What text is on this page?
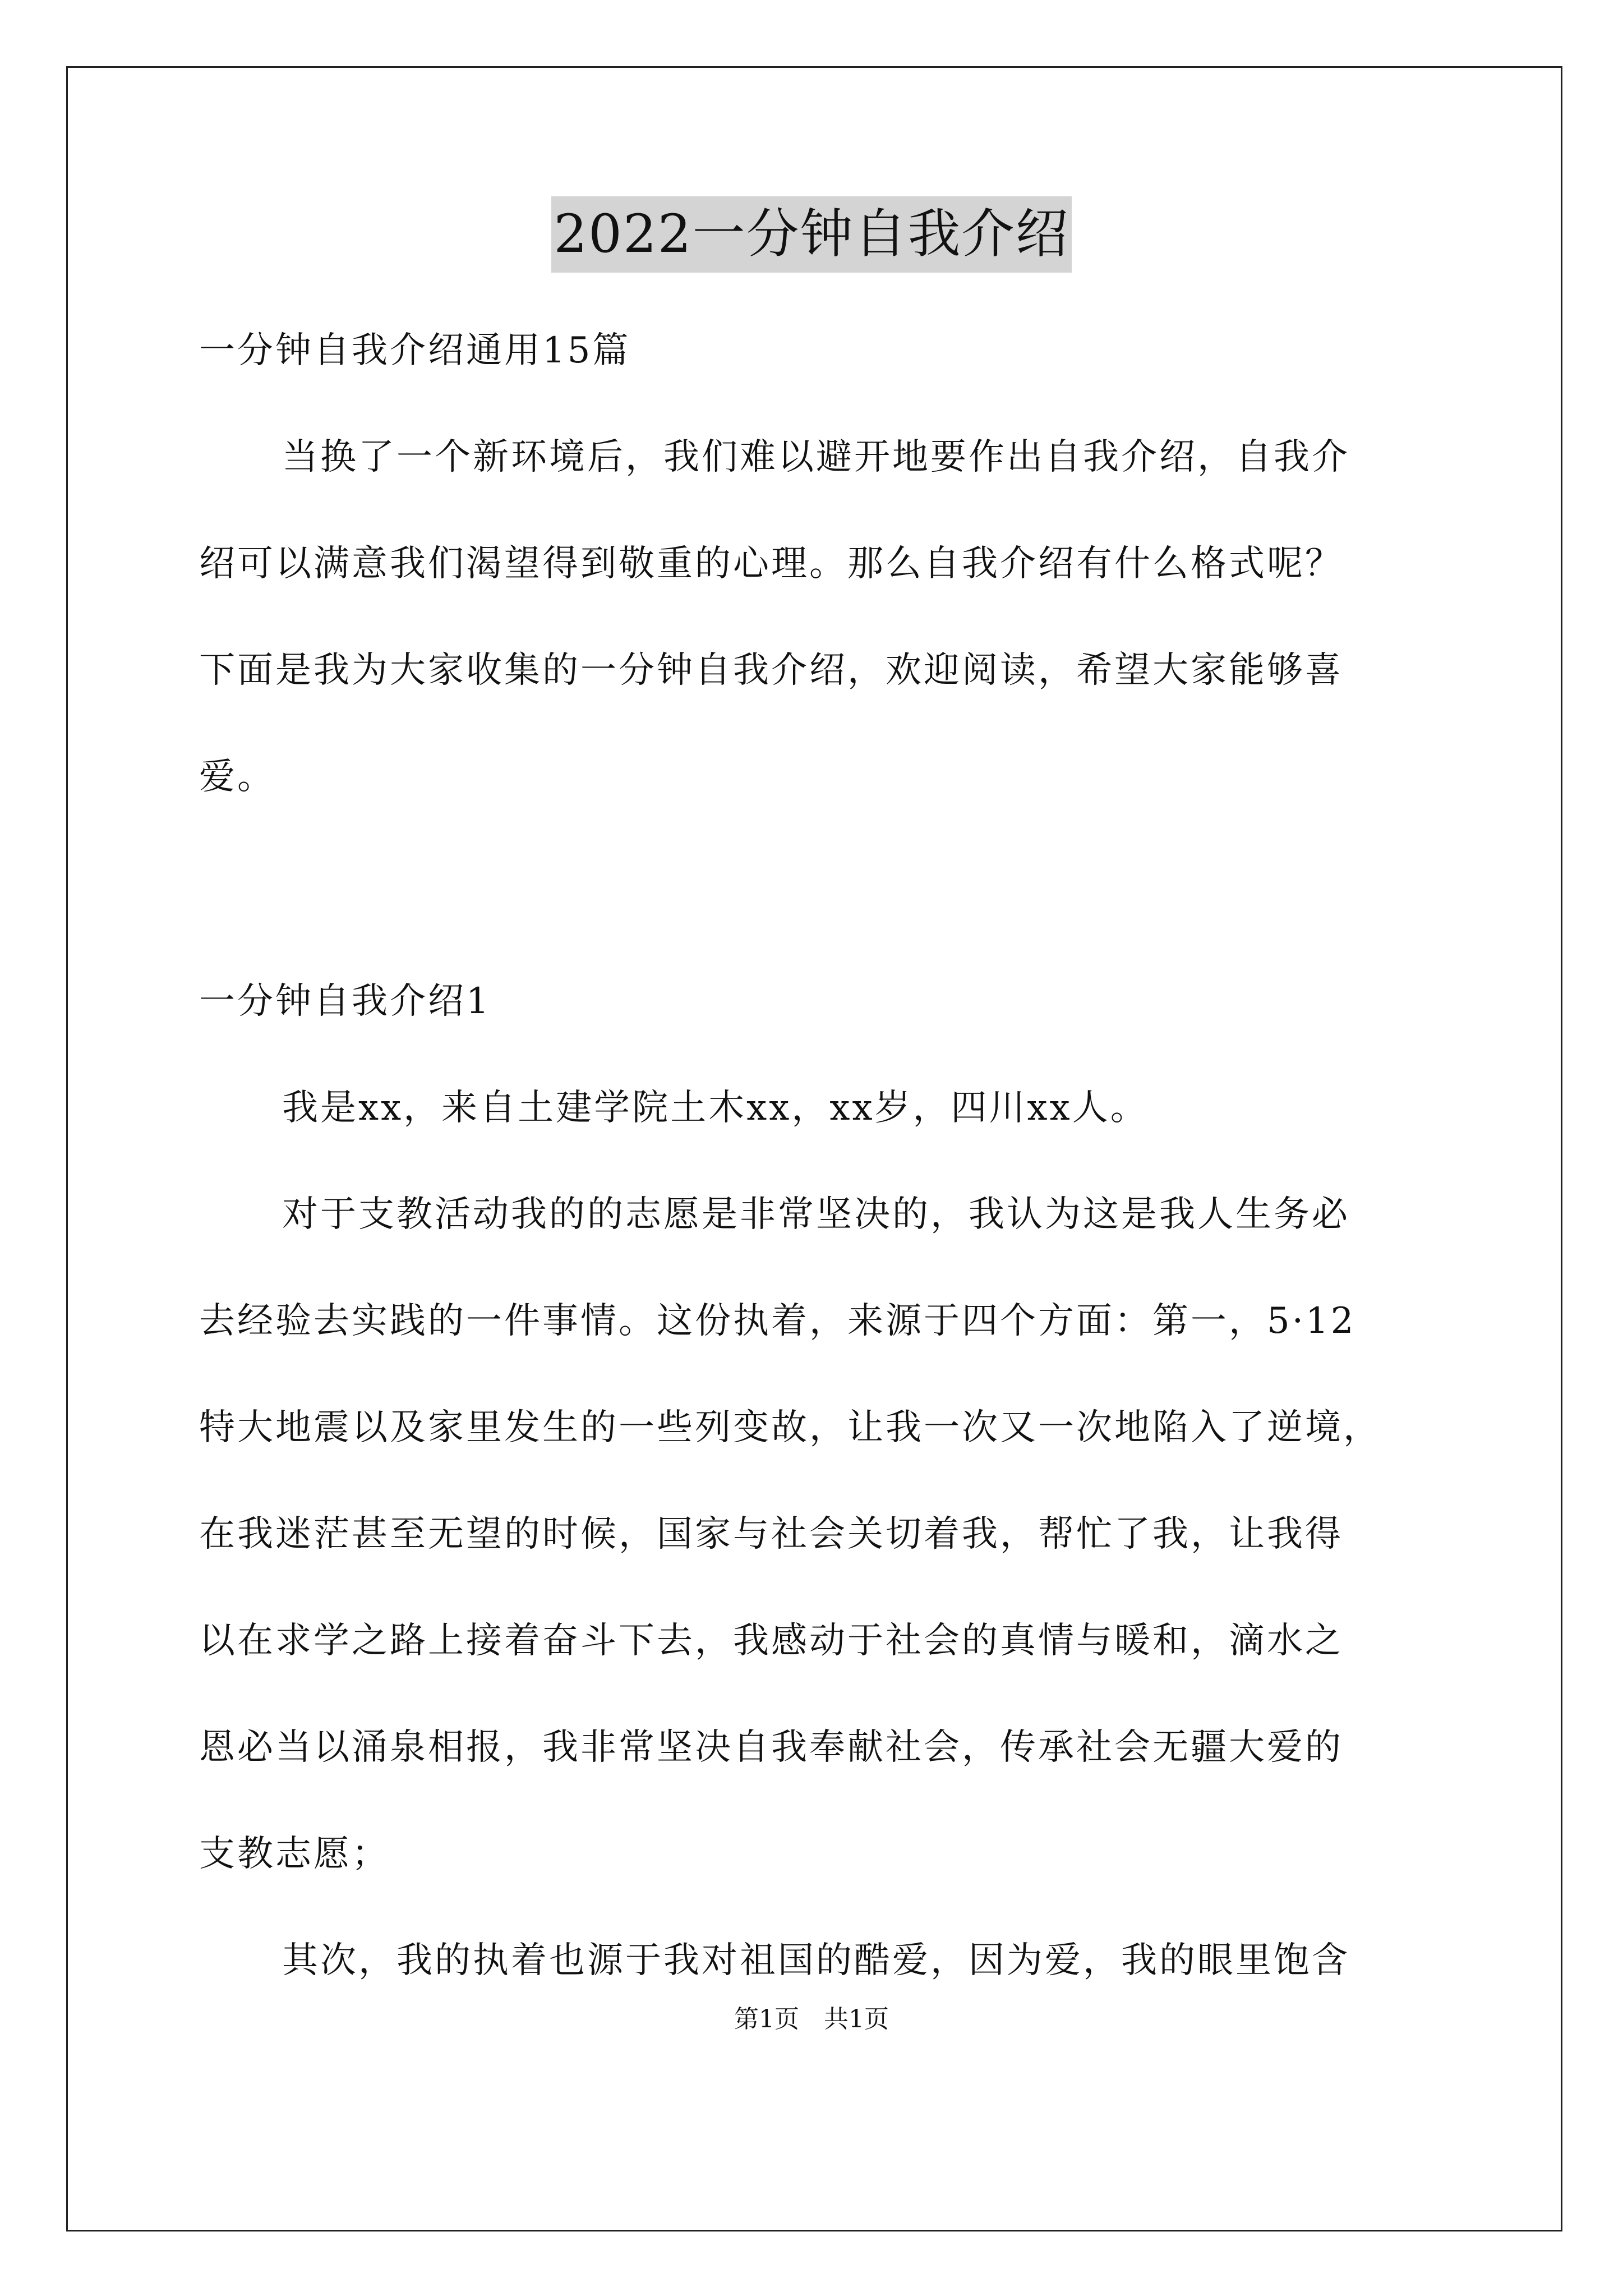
2022一分钟自我介绍
一分钟自我介绍通用15篇
当换了一个新环境后，我们难以避开地要作出自我介绍，自我介
绍可以满意我们渴望得到敬重的心理。那么自我介绍有什么格式呢？
下面是我为大家收集的一分钟自我介绍，欢迎阅读，希望大家能够喜
爱。
一分钟自我介绍1
我是xx，来自土建学院土木xx，xx岁，四川xx人。
对于支教活动我的的志愿是非常坚决的，我认为这是我人生务必
去经验去实践的一件事情。这份执着，来源于四个方面：第一，5·12
特大地震以及家里发生的一些列变故，让我一次又一次地陷入了逆境，
在我迷茫甚至无望的时候，国家与社会关切着我，帮忙了我，让我得
以在求学之路上接着奋斗下去，我感动于社会的真情与暖和，滴水之
恩必当以涌泉相报，我非常坚决自我奉献社会，传承社会无疆大爱的
支教志愿；
其次，我的执着也源于我对祖国的酷爱，因为爱，我的眼里饱含
第1页　共1页
